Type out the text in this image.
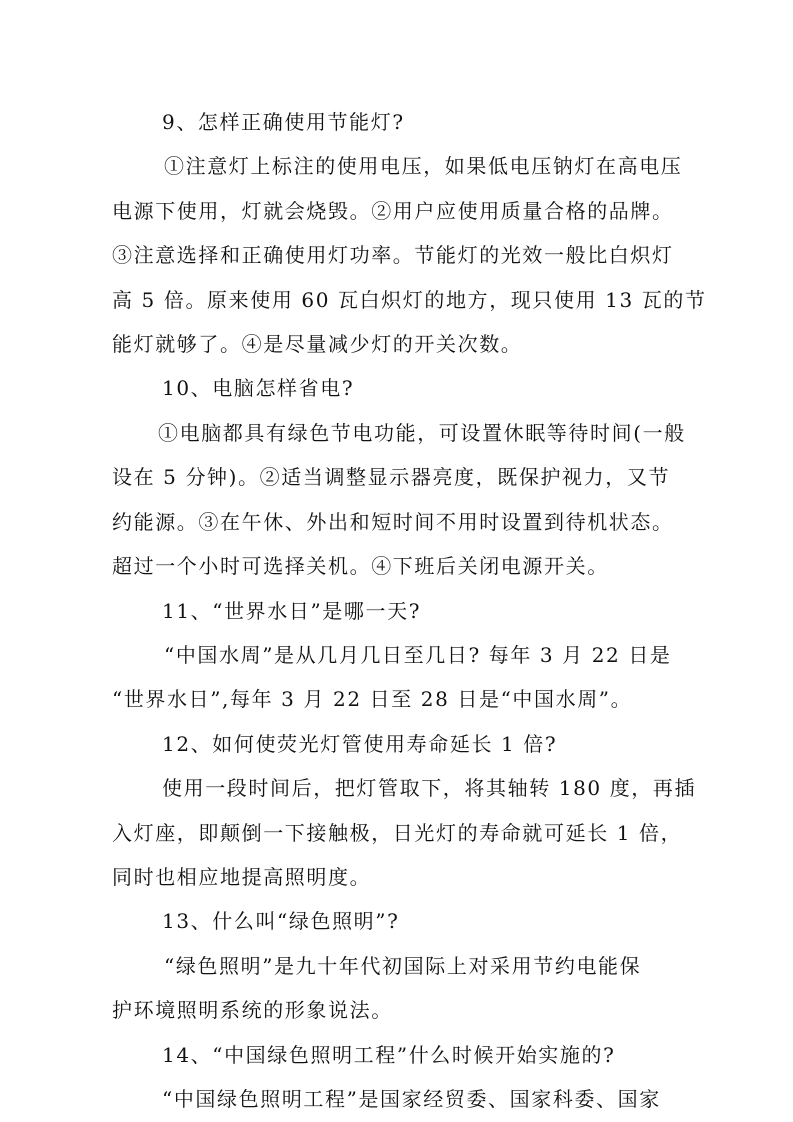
9、怎样正确使用节能灯?
①注意灯上标注的使用电压，如果低电压钠灯在高电压
电源下使用，灯就会烧毁。②用户应使用质量合格的品牌。
③注意选择和正确使用灯功率。节能灯的光效一般比白炽灯
高 5 倍。原来使用 60 瓦白炽灯的地方，现只使用 13 瓦的节
能灯就够了。④是尽量减少灯的开关次数。
10、电脑怎样省电?
①电脑都具有绿色节电功能，可设置休眠等待时间(一般
设在 5 分钟)。②适当调整显示器亮度，既保护视力，又节
约能源。③在午休、外出和短时间不用时设置到待机状态。
超过一个小时可选择关机。④下班后关闭电源开关。
11、“世界水日”是哪一天?
“中国水周”是从几月几日至几日? 每年 3 月 22 日是
“世界水日”,每年 3 月 22 日至 28 日是“中国水周”。
12、如何使荧光灯管使用寿命延长 1 倍?
使用一段时间后，把灯管取下，将其轴转 180 度，再插
入灯座，即颠倒一下接触极，日光灯的寿命就可延长 1 倍，
同时也相应地提高照明度。
13、什么叫“绿色照明”?
“绿色照明”是九十年代初国际上对采用节约电能保
护环境照明系统的形象说法。
14、“中国绿色照明工程”什么时候开始实施的?
“中国绿色照明工程”是国家经贸委、国家科委、国家
